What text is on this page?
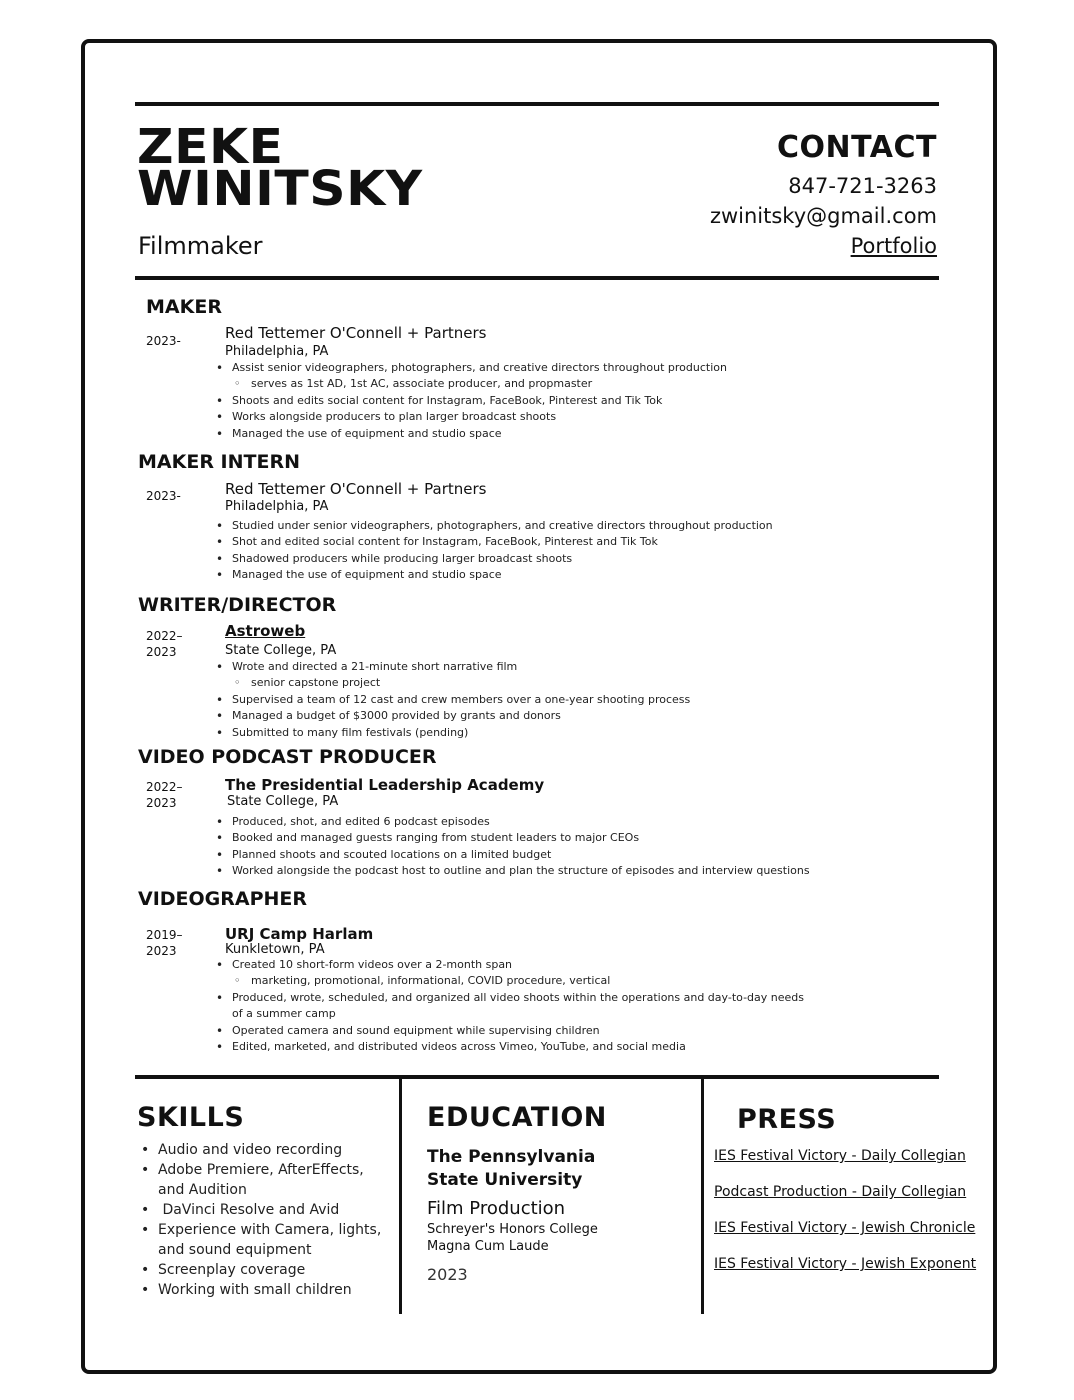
ZEKE
WINITSKY
Filmmaker
CONTACT
847-721-3263
zwinitsky@gmail.com
Portfolio
MAKER
2023-	Red Tettemer O'Connell + Partners
Philadelphia, PA
• Assist senior videographers, photographers, and creative directors throughout production
◦ serves as 1st AD, 1st AC, associate producer, and propmaster
• Shoots and edits social content for Instagram, FaceBook, Pinterest and Tik Tok
• Works alongside producers to plan larger broadcast shoots
• Managed the use of equipment and studio space
MAKER INTERN
2023-	Red Tettemer O'Connell + Partners
Philadelphia, PA
• Studied under senior videographers, photographers, and creative directors throughout production
• Shot and edited social content for Instagram, FaceBook, Pinterest and Tik Tok
• Shadowed producers while producing larger broadcast shoots
• Managed the use of equipment and studio space
WRITER/DIRECTOR
2022–
2023
Astroweb
State College, PA
• Wrote and directed a 21-minute short narrative film
◦ senior capstone project
• Supervised a team of 12 cast and crew members over a one-year shooting process
• Managed a budget of $3000 provided by grants and donors
• Submitted to many film festivals (pending)
VIDEO PODCAST PRODUCER
2022–
2023
The Presidential Leadership Academy
State College, PA
• Produced, shot, and edited 6 podcast episodes
• Booked and managed guests ranging from student leaders to major CEOs
• Planned shoots and scouted locations on a limited budget
• Worked alongside the podcast host to outline and plan the structure of episodes and interview questions
VIDEOGRAPHER
2019–
2023
URJ Camp Harlam
Kunkletown, PA
• Created 10 short-form videos over a 2-month span
◦ marketing, promotional, informational, COVID procedure, vertical
• Produced, wrote, scheduled, and organized all video shoots within the operations and day-to-day needs of a summer camp
• Operated camera and sound equipment while supervising children
• Edited, marketed, and distributed videos across Vimeo, YouTube, and social media
SKILLS
• Audio and video recording
• Adobe Premiere, AfterEffects, and Audition
•  DaVinci Resolve and Avid
• Experience with Camera, lights, and sound equipment
• Screenplay coverage
• Working with small children
EDUCATION
The Pennsylvania
State University
Film Production
Schreyer's Honors College
Magna Cum Laude
2023
PRESS
IES Festival Victory - Daily Collegian
Podcast Production - Daily Collegian
IES Festival Victory - Jewish Chronicle
IES Festival Victory - Jewish Exponent
